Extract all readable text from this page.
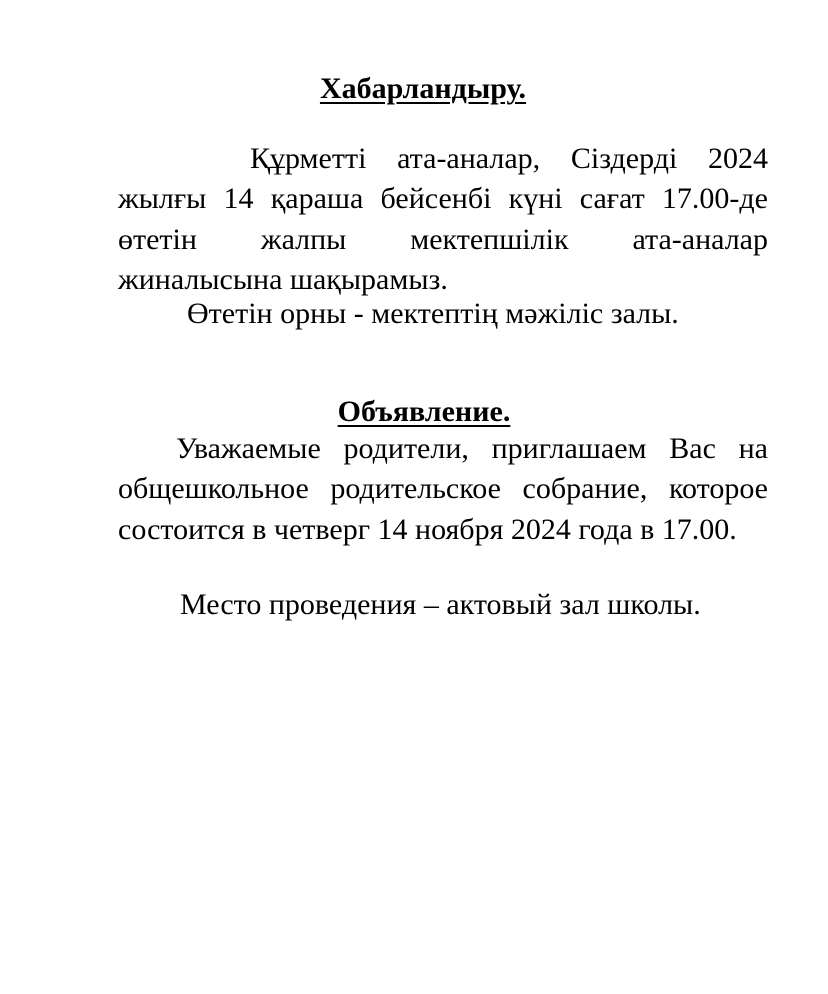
Хабарландыру.

Құрметті ата-аналар, Сіздерді 2024 жылғы 14 қараша бейсенбі күні сағат 17.00-де өтетін жалпы мектепшілік ата-аналар жиналысына шақырамыз.

Өтетін орны - мектептің мәжіліс залы.

Объявление.

Уважаемые родители, приглашаем Вас на общешкольное родительское собрание, которое состоится в четверг 14 ноября 2024 года в 17.00.

Место проведения – актовый зал школы.
